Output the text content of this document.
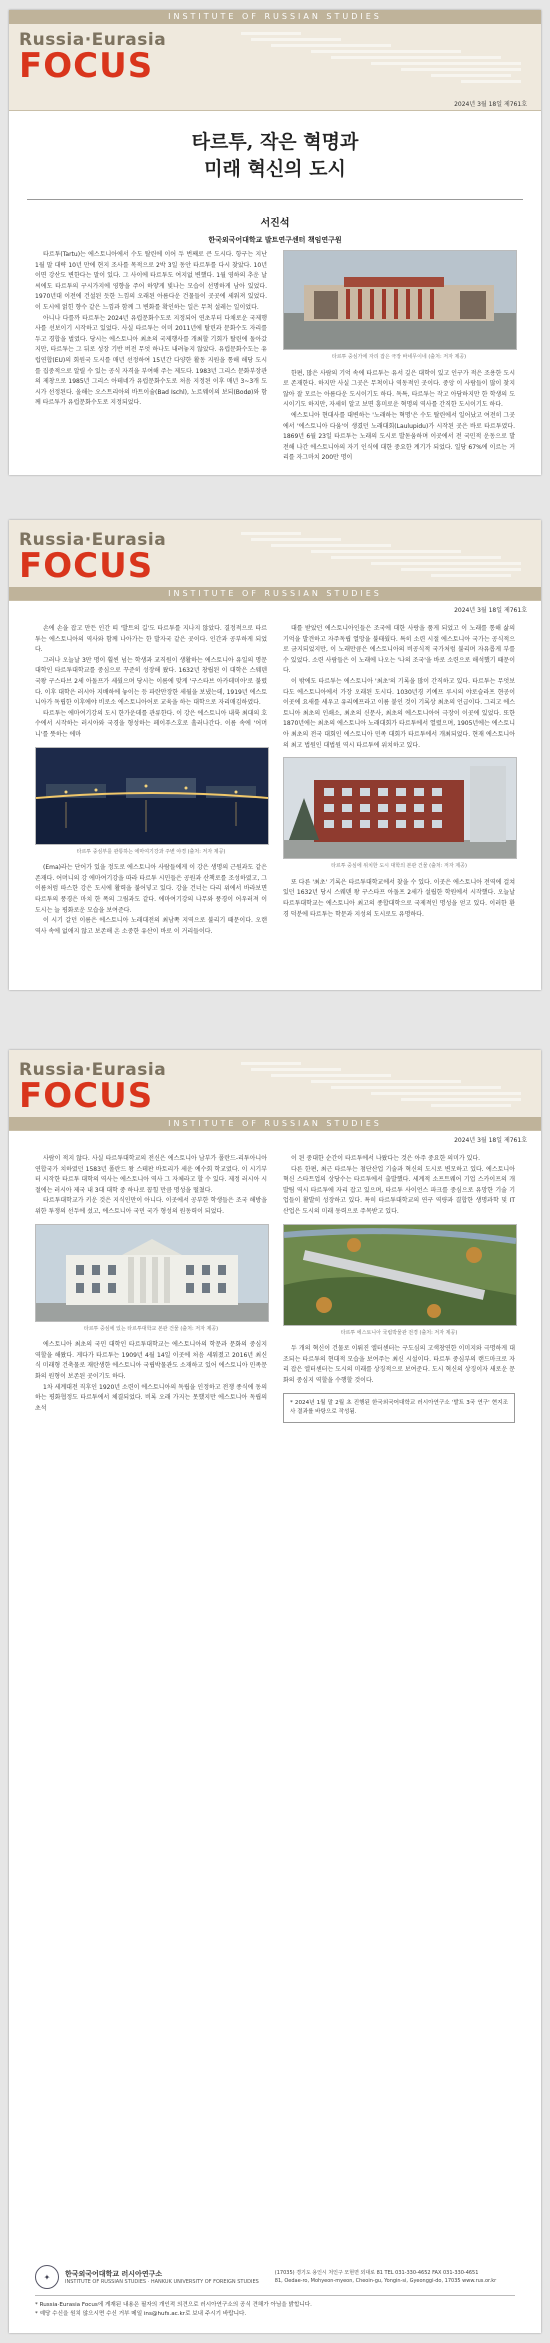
INSTITUTE OF RUSSIAN STUDIES
Russia·Eurasia
FOCUS
2024년 3월 18일 제761호
타르투, 작은 혁명과
미래 혁신의 도시
서진석
한국외국어대학교 발트연구센터 책임연구원

타르투(Tartu)는 에스토니아에서 수도 탈린에 이어 두 번째로 큰 도시다. 항구는 지난 1월 말 대략 10년 만에 현지 조사를 목적으로 2박 3일 동안 타르투를 다시 찾았다. 10년이면 강산도 변한다는 말이 있다. 그 사이에 타르투도 여지없 변했다. 1월 영하의 추운 날씨에도 타르투의 구시가지에 영향을 주어 하얗게 빛나는 모습이 선명하게 남아 있었다. 1970년대 이전에 건설된 듯한 느낌의 오래된 아름다운 건물들이 곳곳에 세워져 있었다. 이 도시에 얽힌 향수 같은 느낌과 함께 그 변화를 확인하는 일은 무척 설레는 일이었다.

아니나 다를까 타르투는 2024년 유럽문화수도로 지정되어 연초부터 다채로운 국제행사를 선보이기 시작하고 있었다. 사실 타르투는 이미 2011년에 탈린과 문화수도 자리를 두고 경합을 벌였다. 당시는 에스토니아 최초의 국제행사를 개최할 기회가 탈린에 돌아갔지만, 타르투는 그 뒤로 성장 기반 버전 무엇 하나도 내려놓지 않았다. 유럽문화수도는 유럽연합(EU)의 회원국 도시를 매년 선정하여 15년간 다양한 활동 지원을 통해 해당 도시를 집중적으로 알릴 수 있는 공식 자격을 부여해 주는 제도다. 1983년 그리스 문화부장관의 제창으로 1985년 그리스 아테네가 유럽문화수도로 처음 지정된 이후 매년 3~3개 도시가 선정된다. 올해는 오스트리아의 바트이슐(Bad Ischl), 노르웨이의 보되(Bodø)와 함께 타르투가 유럽문화수도로 지정되었다.

타르투 중심가에 자리 잡은 극장 바네무이네 (출처: 저자 제공)

한편, 많은 사람의 기억 속에 타르투는 유서 깊은 대학이 있고 인구가 적은 조용한 도시로 존재한다. 하지만 사실 그곳은 무척이나 역동적인 곳이다. 중앙 이 사람들이 많이 찾지 않아 잘 모르는 아름다운 도시이기도 하다. 독특, 타르투는 작고 아담하지만 한 학생의 도시이기도 하지만, 자세히 알고 보면 흥미로운 혁명의 역사를 간직한 도시이기도 하다.

에스토니아 현대사를 대변하는 '노래하는 혁명'은 수도 탈린에서 일어났고 여전히 그곳에서 '에스토니아 다움'이 생겼던 노래대회(Laulupidu)가 시작된 곳은 바로 타르투였다. 1869년 6월 23일 타르투는 노래의 도시로 발돋움하며 이곳에서 전 국민적 운동으로 발전해 나간 에스토니아의 자기 인식에 대한 중요한 계기가 되었다. 일당 67%에 이르는 거리를 자그마치 200만 명이

Russia·Eurasia
FOCUS
INSTITUTE OF RUSSIAN STUDIES
2024년 3월 18일 제761호

손에 손을 잡고 만든 인간 띠 '발트의 길'도 타르투를 지나지 않았다. 결정적으로 타르투는 에스토니아의 역사와 함께 나아가는 한 발자국 같은 곳이다. 인간과 공부하게 되었다.

그러나 오늘날 3만 명이 훨씬 넘는 학생과 교직원이 생활하는 에스토니아 유일의 명문 대학인 타르투대학교를 중심으로 꾸준히 성장해 왔다. 1632년 창립된 이 대학은 스웨덴 국왕 구스타브 2세 아돌프가 세웠으며 당시는 이름에 맞게 '구스타브 아카데미아'로 불렸다. 이후 대학은 러시아 지배하에 놓이는 등 파란만장한 세월을 보냈는데, 1919년 에스토니아가 독립한 이후에야 비로소 에스토니아어로 교육을 하는 대학으로 자리매김하였다.

타르투는 에마여기강의 도시 한가운데를 관류한다. 이 강은 에스토니아 내륙 최대의 호수에서 시작하는 러시아와 국경을 형성하는 페이푸스호로 흘러나간다. 이름 속에 '어머니'를 뜻하는 에마

타르투 중심부를 관통하는 에마여기강과 주변 야경 (출처: 저자 제공)

(Ema)라는 단어가 있을 정도로 에스토니아 사람들에게 이 강은 생명의 근원과도 같은 존재다. 어머니의 강 에마여기강을 따라 타르투 시민들은 공원과 산책로를 조성하였고, 그 이름처럼 따스한 강은 도시에 활력을 불어넣고 있다. 강을 건너는 다리 위에서 바라보면 타르투의 풍경은 마치 한 폭의 그림과도 같다. 에마여기강의 나무와 풍경이 어우러져 이 도시는 늘 평화로운 모습을 보여준다.

이 시기 갈던 이름은 에스토니아 노래대전의 최남쪽 지역으로 불리기 때문이다. 오랜 역사 속에 없애지 않고 보존해 온 소중한 유산이 바로 이 거리들이다.

대를 받았던 에스토니아인들은 조국에 대한 사랑을 품게 되었고 이 노래를 통해 삶의 기억을 발견하고 자주독립 열망을 불태웠다. 특히 소련 시절 에스토니아 국가는 공식적으로 금지되었지만, 이 노래만큼은 에스토니아의 비공식적 국가처럼 불리며 자유롭게 부를 수 있었다. 소련 사람들은 이 노래에 나오는 '나의 조국'을 바로 소련으로 해석했기 때문이다.

이 밖에도 타르투는 에스토니아 '최초'의 기록을 많이 간직하고 있다. 타르투는 무엇보다도 에스토니아에서 가장 오래된 도시다. 1030년경 키예프 루시의 야로슬라프 현공이 이곳에 요새를 세우고 유리예프라고 이름 붙인 것이 기록상 최초의 언급이다. 그리고 에스토니아 최초의 인쇄소, 최초의 신문사, 최초의 에스토니아어 극장이 이곳에 있었다. 또한 1870년에는 최초의 에스토니아 노래대회가 타르투에서 열렸으며, 1905년에는 에스토니아 최초의 전국 대회인 에스토니아 민족 대회가 타르투에서 개최되었다. 현재 에스토니아의 최고 법원인 대법원 역시 타르투에 위치하고 있다.

타르투 중심에 위치한 도시 대학의 본관 건물 (출처: 저자 제공)

또 다른 '최초' 기록은 타르투대학교에서 찾을 수 있다. 이곳은 에스토니아 전역에 걸쳐 있던 1632년 당시 스웨덴 왕 구스타프 아돌프 2세가 설립한 학원에서 시작했다. 오늘날 타르투대학교는 에스토니아 최고의 종합대학으로 국제적인 명성을 얻고 있다. 이러한 환경 덕분에 타르투는 학문과 지성의 도시로도 유명하다.

Russia·Eurasia
FOCUS
INSTITUTE OF RUSSIAN STUDIES
2024년 3월 18일 제761호

사람이 적지 않다. 사실 타르투대학교의 전신은 에스토니아 남부가 폴란드-리투아니아 연합국가 치하였던 1583년 폴란드 왕 스테판 바토리가 세운 예수회 학교였다. 이 시기부터 시작한 타르투 대학의 역사는 에스토니아 역사 그 자체라고 할 수 있다. 제정 러시아 시절에는 러시아 제국 내 3대 대학 중 하나로 꼽힐 만큼 명성을 떨쳤다.

타르투대학교가 키운 것은 지식인만이 아니다. 이곳에서 공부한 학생들은 조국 해방을 위한 투쟁의 선두에 섰고, 에스토니아 국민 국가 형성의 원동력이 되었다.

타르투 중심에 있는 타르투대학교 본관 건물 (출처: 저자 제공)

에스토니아 최초의 국민 대학인 타르투대학교는 에스토니아의 학문과 문화의 중심지 역할을 해왔다. 게다가 타르투는 1909년 4월 14일 이곳에 처음 세워졌고 2016년 최신식 미래형 건축물로 재탄생한 에스토니아 국립박물관도 소재하고 있어 에스토니아 민족문화의 원형이 보존된 곳이기도 하다.

1차 세계대전 직후인 1920년 소련이 에스토니아의 독립을 인정하고 전쟁 종식에 동의하는 평화협정도 타르투에서 체결되었다. 비록 오래 가지는 못했지만 에스토니아 독립의 초석

이 된 중대한 순간이 타르투에서 나왔다는 것은 아주 중요한 의미가 있다.

다른 한편, 최근 타르투는 첨단산업 기술과 혁신의 도시로 변모하고 있다. 에스토니아 혁신 스타트업의 상당수는 타르투에서 출발했다. 세계적 소프트웨어 기업 스카이프의 개발팀 역시 타르투에 자리 잡고 있으며, 타르투 사이언스 파크를 중심으로 유망한 기술 기업들이 활발히 성장하고 있다. 특히 타르투대학교의 연구 역량과 결합한 생명과학 및 IT 산업은 도시의 미래 동력으로 주목받고 있다.

타르투 에스토니아 국립박물관 전경 (출처: 저자 제공)

두 개의 혁신이 건물로 이뤄진 엘터센터는 구도심의 고색창연한 이미지와 극명하게 대조되는 타르투의 현대적 모습을 보여주는 최신 시설이다. 타르투 중심부의 랜드마크로 자리 잡은 엘터센터는 도시의 미래를 상징적으로 보여준다. 도시 혁신의 상징이자 새로운 문화의 중심지 역할을 수행할 것이다.

* 2024년 1월 말 2월 초 진행된 한국외국어대학교 러시아연구소 '발트 3국 연구' 현지조사 결과를 바탕으로 작성됨.
✦	한국외국어대학교 러시아연구소
INSTITUTE OF RUSSIAN STUDIES · HANKUK UNIVERSITY OF FOREIGN STUDIES
(17035) 경기도 용인시 처인구 모현면 외대로 81 TEL 031-330-4652 FAX 031-330-4651
81, Oedae-ro, Mohyeon-myeon, Cheoin-gu, Yongin-si, Gyeonggi-do, 17035 www.rus.or.kr
* Russia·Eurasia Focus에 게재된 내용은 필자의 개인적 의견으로 러시아연구소의 공식 견해가 아님을 밝힙니다.
* 예당 수신을 원치 않으시면 수신 거부 메일 ins@hufs.ac.kr로 보내 주시기 바랍니다.
